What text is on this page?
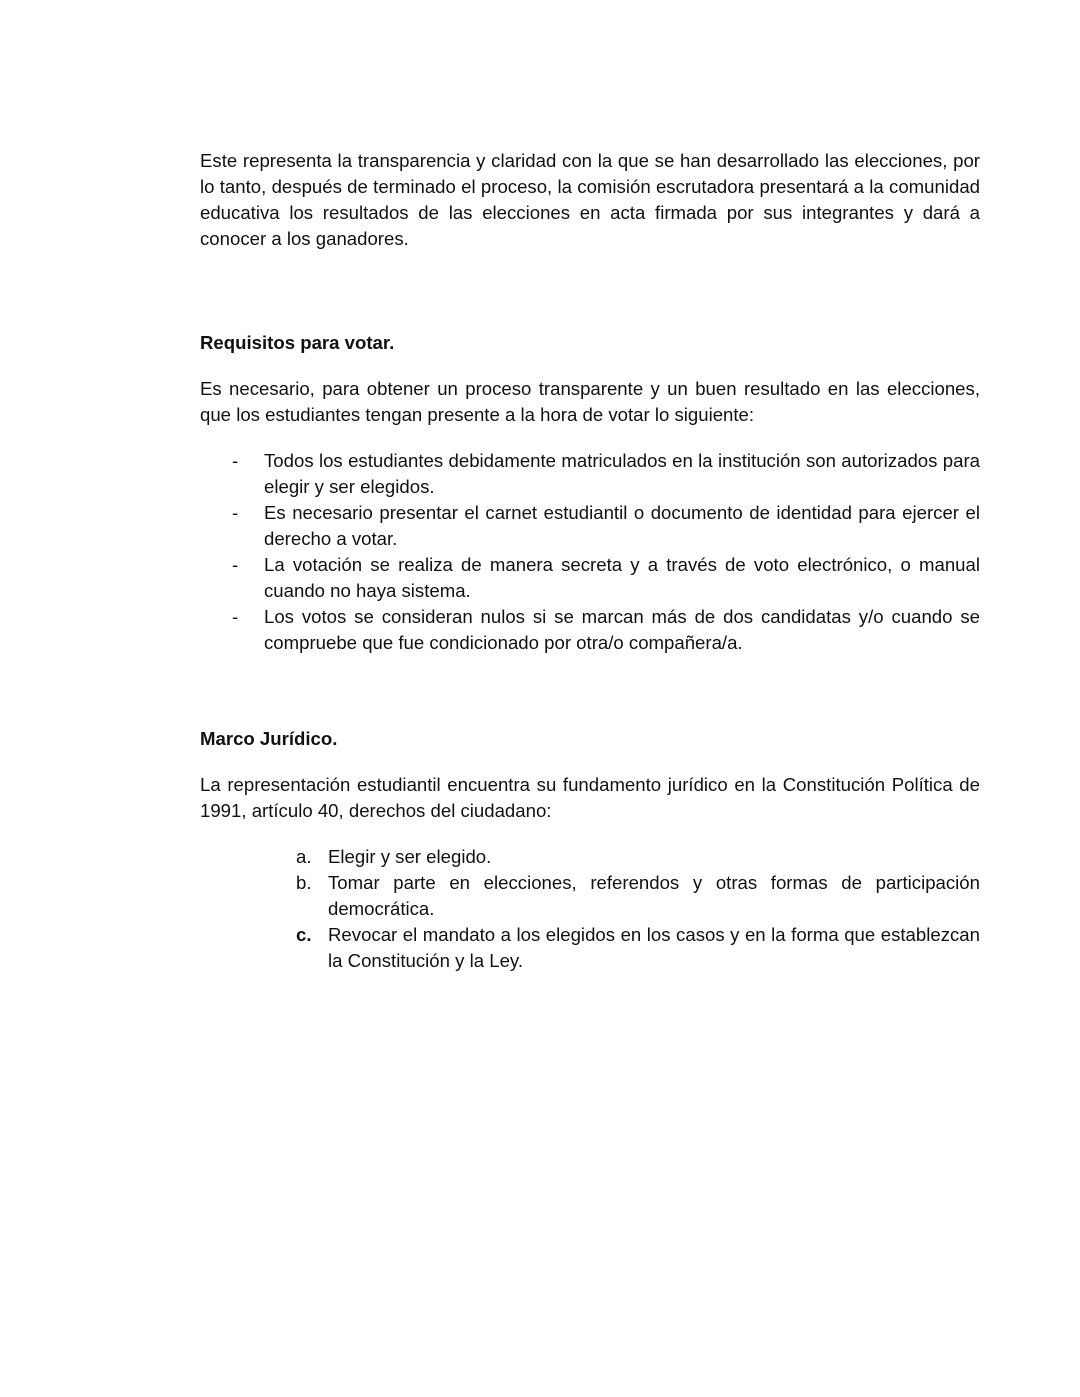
Este representa la transparencia y claridad con la que se han desarrollado las elecciones, por lo tanto, después de terminado el proceso, la comisión escrutadora presentará a la comunidad educativa los resultados de las elecciones en acta firmada por sus integrantes y dará a conocer a los ganadores.

Requisitos para votar.

Es necesario, para obtener un proceso transparente y un buen resultado en las elecciones, que los estudiantes tengan presente a la hora de votar lo siguiente:

- Todos los estudiantes debidamente matriculados en la institución son autorizados para elegir y ser elegidos.
- Es necesario presentar el carnet estudiantil o documento de identidad para ejercer el derecho a votar.
- La votación se realiza de manera secreta y a través de voto electrónico, o manual cuando no haya sistema.
- Los votos se consideran nulos si se marcan más de dos candidatas y/o cuando se compruebe que fue condicionado por otra/o compañera/a.

Marco Jurídico.

La representación estudiantil encuentra su fundamento jurídico en la Constitución Política de 1991, artículo 40, derechos del ciudadano:

a. Elegir y ser elegido.
b. Tomar parte en elecciones, referendos y otras formas de participación democrática.
c. Revocar el mandato a los elegidos en los casos y en la forma que establezcan la Constitución y la Ley.
